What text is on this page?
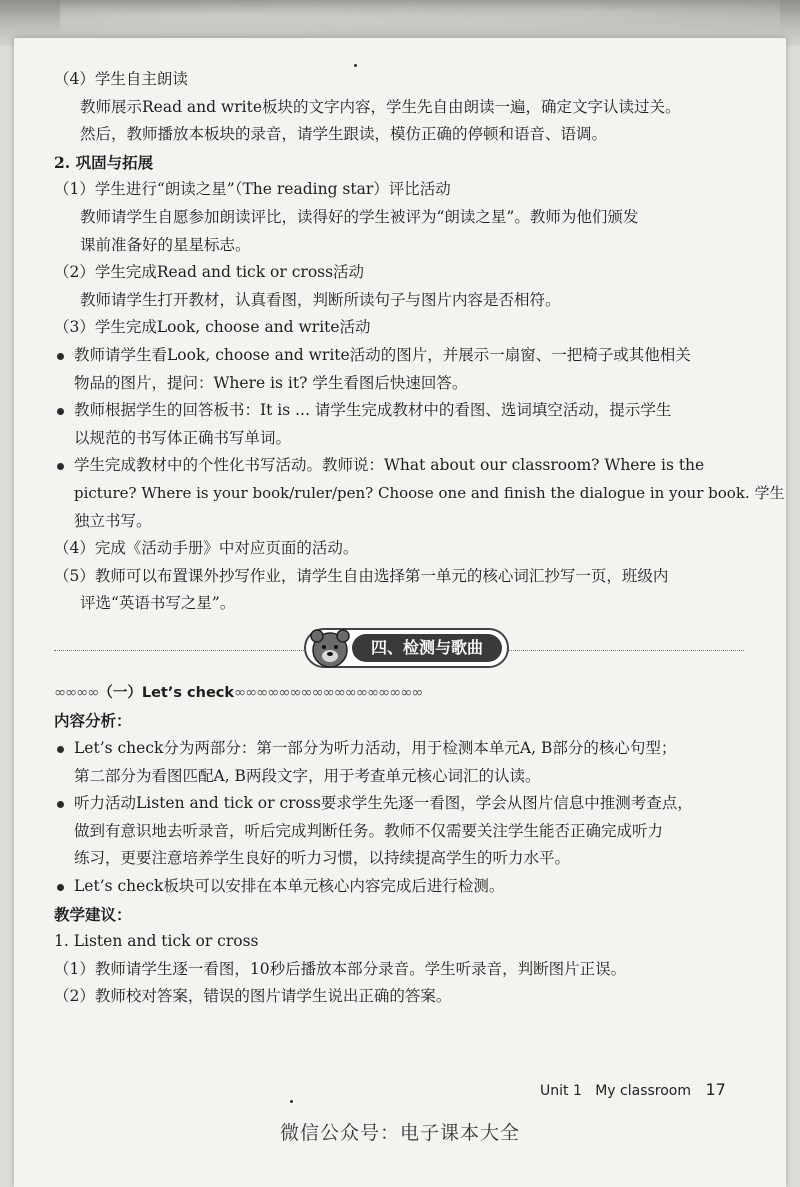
（4）学生自主朗读
教师展示Read and write板块的文字内容，学生先自由朗读一遍，确定文字认读过关。
然后，教师播放本板块的录音，请学生跟读，模仿正确的停顿和语音、语调。
2. 巩固与拓展
（1）学生进行“朗读之星”（The reading star）评比活动
教师请学生自愿参加朗读评比，读得好的学生被评为“朗读之星”。教师为他们颁发
课前准备好的星星标志。
（2）学生完成Read and tick or cross活动
教师请学生打开教材，认真看图，判断所读句子与图片内容是否相符。
（3）学生完成Look, choose and write活动
教师请学生看Look, choose and write活动的图片，并展示一扇窗、一把椅子或其他相关
物品的图片，提问：Where is it? 学生看图后快速回答。
教师根据学生的回答板书：It is ... 请学生完成教材中的看图、选词填空活动，提示学生
以规范的书写体正确书写单词。
学生完成教材中的个性化书写活动。教师说：What about our classroom? Where is the
picture? Where is your book/ruler/pen? Choose one and finish the dialogue in your book. 学生
独立书写。
（4）完成《活动手册》中对应页面的活动。
（5）教师可以布置课外抄写作业，请学生自由选择第一单元的核心词汇抄写一页，班级内
评选“英语书写之星”。
四、检测与歌曲
∞∞∞∞（一）Let’s check∞∞∞∞∞∞∞∞∞∞∞∞∞∞∞∞∞
内容分析：
Let’s check分为两部分：第一部分为听力活动，用于检测本单元A, B部分的核心句型；
第二部分为看图匹配A, B两段文字，用于考查单元核心词汇的认读。
听力活动Listen and tick or cross要求学生先逐一看图，学会从图片信息中推测考查点，
做到有意识地去听录音，听后完成判断任务。教师不仅需要关注学生能否正确完成听力
练习，更要注意培养学生良好的听力习惯，以持续提高学生的听力水平。
Let’s check板块可以安排在本单元核心内容完成后进行检测。
教学建议：
1. Listen and tick or cross
（1）教师请学生逐一看图，10秒后播放本部分录音。学生听录音，判断图片正误。
（2）教师校对答案，错误的图片请学生说出正确的答案。
Unit 1 My classroom 17
微信公众号：电子课本大全
